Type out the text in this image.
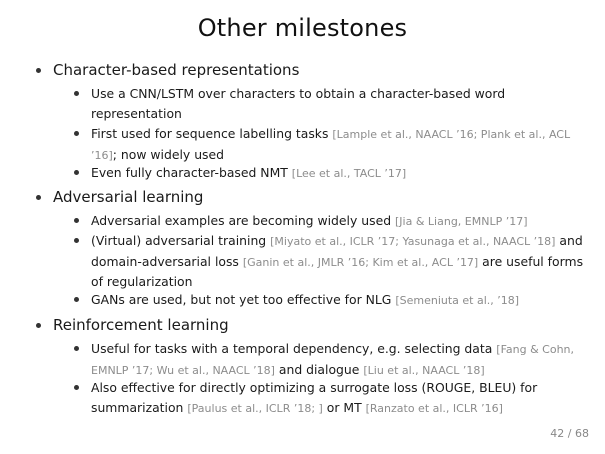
Other milestones
Character-based representations
Use a CNN/LSTM over characters to obtain a character-based word representation
First used for sequence labelling tasks [Lample et al., NAACL ’16; Plank et al., ACL ’16]; now widely used
Even fully character-based NMT [Lee et al., TACL ’17]
Adversarial learning
Adversarial examples are becoming widely used [Jia & Liang, EMNLP ’17]
(Virtual) adversarial training [Miyato et al., ICLR ’17; Yasunaga et al., NAACL ’18] and domain-adversarial loss [Ganin et al., JMLR ’16; Kim et al., ACL ’17] are useful forms of regularization
GANs are used, but not yet too effective for NLG [Semeniuta et al., ’18]
Reinforcement learning
Useful for tasks with a temporal dependency, e.g. selecting data [Fang & Cohn, EMNLP ’17; Wu et al., NAACL ’18] and dialogue [Liu et al., NAACL ’18]
Also effective for directly optimizing a surrogate loss (ROUGE, BLEU) for summarization [Paulus et al., ICLR ’18; ] or MT [Ranzato et al., ICLR ’16]
42 / 68
